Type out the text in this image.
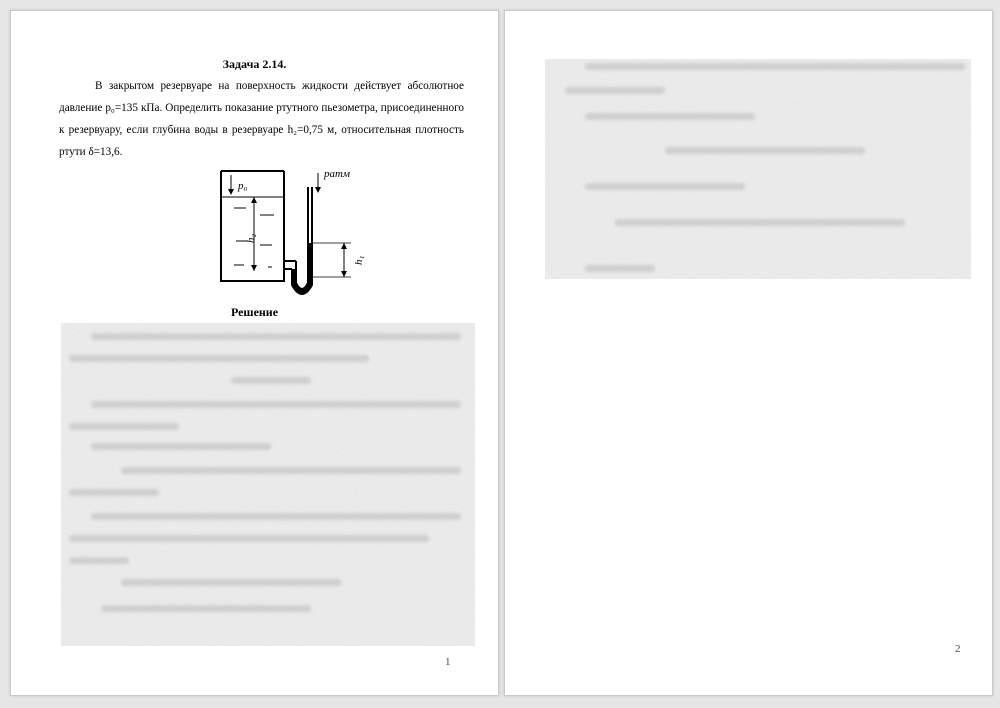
Задача 2.14.

В закрытом резервуаре на поверхность жидкости действует абсолютное давление p₀=135 кПа. Определить показание ртутного пьезометра, присоединенного к резервуару, если глубина воды в резервуаре h₂=0,75 м, относительная плотность ртути δ=13,6.

p₀
h₂
pатм
h₁
Решение
1
2
